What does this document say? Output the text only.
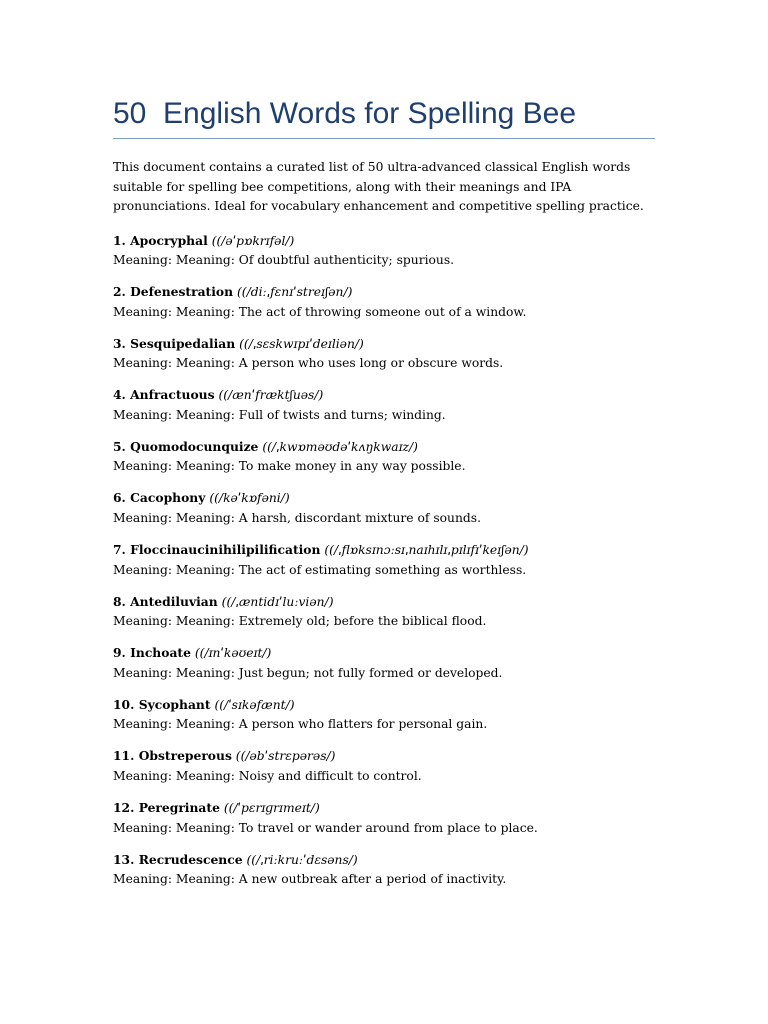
50  English Words for Spelling Bee

This document contains a curated list of 50 ultra-advanced classical English words suitable for spelling bee competitions, along with their meanings and IPA pronunciations. Ideal for vocabulary enhancement and competitive spelling practice.

1. Apocryphal ((/əˈpɒkrɪfəl/)
Meaning: Meaning: Of doubtful authenticity; spurious.
2. Defenestration ((/diːˌfɛnɪˈstreɪʃən/)
Meaning: Meaning: The act of throwing someone out of a window.
3. Sesquipedalian ((/ˌsɛskwɪpɪˈdeɪliən/)
Meaning: Meaning: A person who uses long or obscure words.
4. Anfractuous ((/ænˈfræktʃuəs/)
Meaning: Meaning: Full of twists and turns; winding.
5. Quomodocunquize ((/ˌkwɒməʊdəˈkʌŋkwaɪz/)
Meaning: Meaning: To make money in any way possible.
6. Cacophony ((/kəˈkɒfəni/)
Meaning: Meaning: A harsh, discordant mixture of sounds.
7. Floccinaucinihilipilification ((/ˌflɒksɪnɔːsɪˌnaɪhɪlɪˌpɪlɪfɪˈkeɪʃən/)
Meaning: Meaning: The act of estimating something as worthless.
8. Antediluvian ((/ˌæntidɪˈluːviən/)
Meaning: Meaning: Extremely old; before the biblical flood.
9. Inchoate ((/ɪnˈkəʊeɪt/)
Meaning: Meaning: Just begun; not fully formed or developed.
10. Sycophant ((/ˈsɪkəfænt/)
Meaning: Meaning: A person who flatters for personal gain.
11. Obstreperous ((/əbˈstrɛpərəs/)
Meaning: Meaning: Noisy and difficult to control.
12. Peregrinate ((/ˈpɛrɪɡrɪmeɪt/)
Meaning: Meaning: To travel or wander around from place to place.
13. Recrudescence ((/ˌriːkruːˈdɛsəns/)
Meaning: Meaning: A new outbreak after a period of inactivity.
